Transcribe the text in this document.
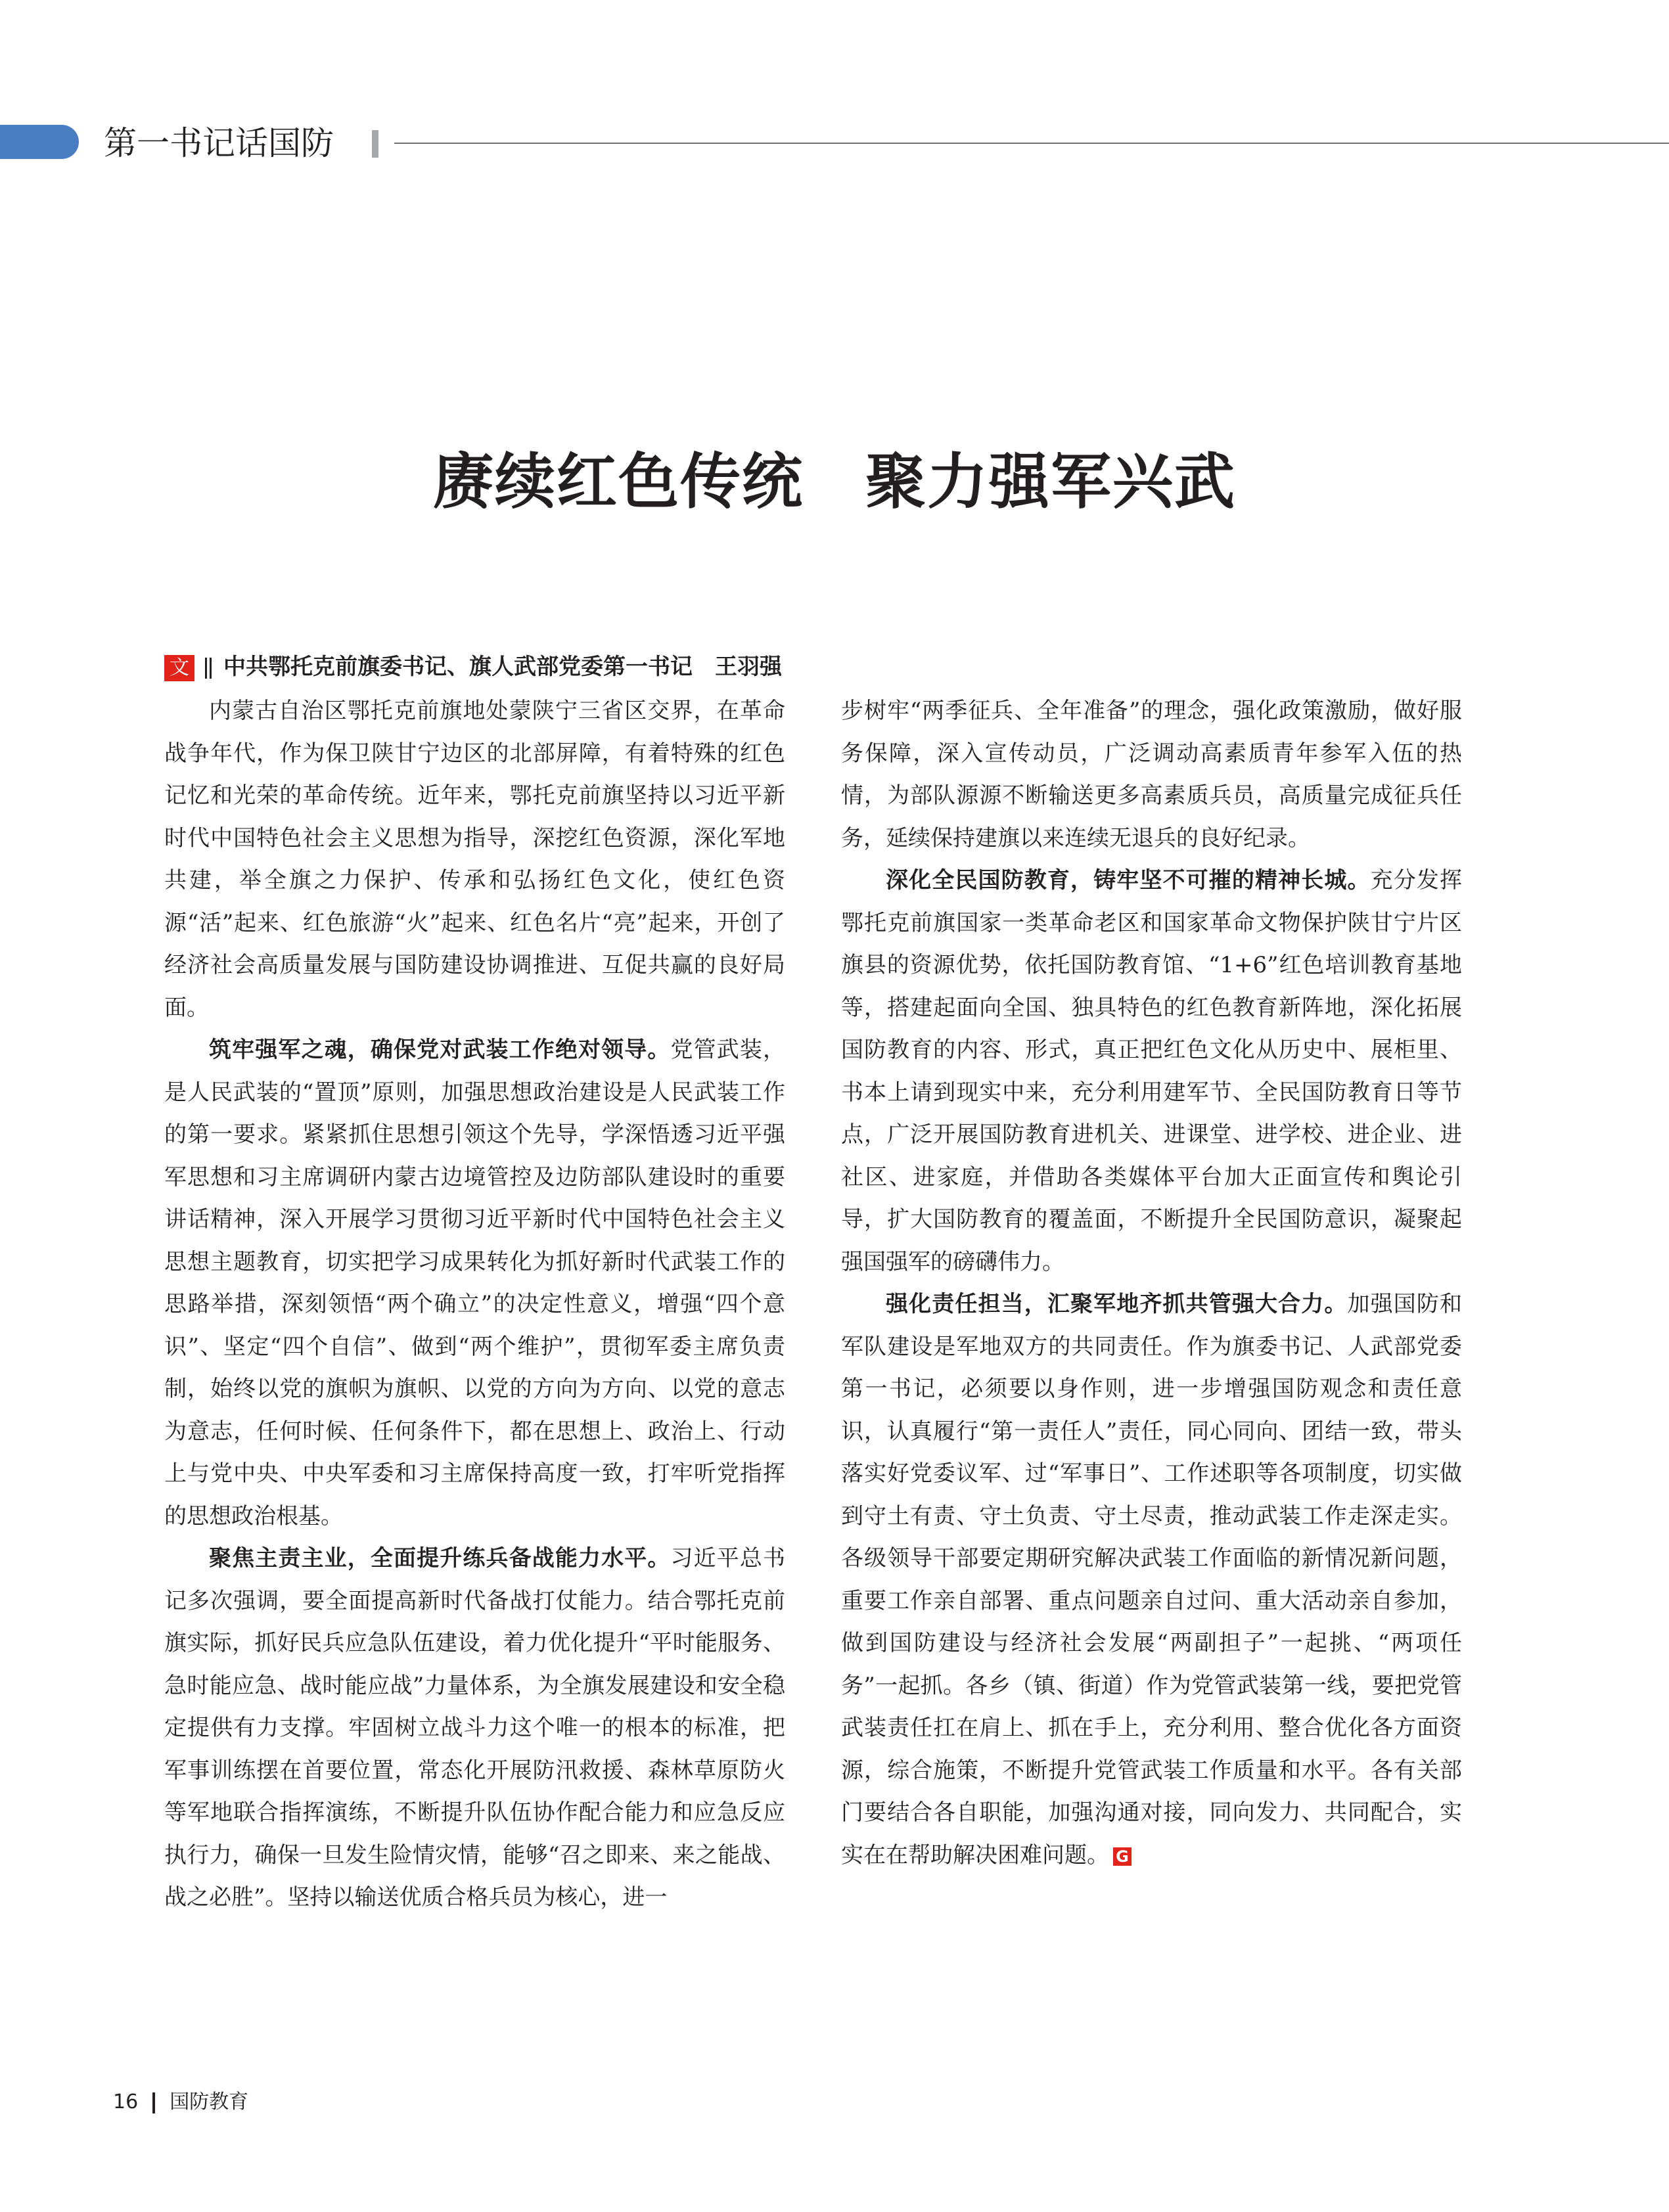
第一书记话国防
赓续红色传统　聚力强军兴武
文 中共鄂托克前旗委书记、旗人武部党委第一书记　王羽强

内蒙古自治区鄂托克前旗地处蒙陕宁三省区交界，在革命战争年代，作为保卫陕甘宁边区的北部屏障，有着特殊的红色记忆和光荣的革命传统。近年来，鄂托克前旗坚持以习近平新时代中国特色社会主义思想为指导，深挖红色资源，深化军地共建，举全旗之力保护、传承和弘扬红色文化，使红色资源“活”起来、红色旅游“火”起来、红色名片“亮”起来，开创了经济社会高质量发展与国防建设协调推进、互促共赢的良好局面。

筑牢强军之魂，确保党对武装工作绝对领导。党管武装，是人民武装的“置顶”原则，加强思想政治建设是人民武装工作的第一要求。紧紧抓住思想引领这个先导，学深悟透习近平强军思想和习主席调研内蒙古边境管控及边防部队建设时的重要讲话精神，深入开展学习贯彻习近平新时代中国特色社会主义思想主题教育，切实把学习成果转化为抓好新时代武装工作的思路举措，深刻领悟“两个确立”的决定性意义，增强“四个意识”、坚定“四个自信”、做到“两个维护”，贯彻军委主席负责制，始终以党的旗帜为旗帜、以党的方向为方向、以党的意志为意志，任何时候、任何条件下，都在思想上、政治上、行动上与党中央、中央军委和习主席保持高度一致，打牢听党指挥的思想政治根基。

聚焦主责主业，全面提升练兵备战能力水平。习近平总书记多次强调，要全面提高新时代备战打仗能力。结合鄂托克前旗实际，抓好民兵应急队伍建设，着力优化提升“平时能服务、急时能应急、战时能应战”力量体系，为全旗发展建设和安全稳定提供有力支撑。牢固树立战斗力这个唯一的根本的标准，把军事训练摆在首要位置，常态化开展防汛救援、森林草原防火等军地联合指挥演练，不断提升队伍协作配合能力和应急反应执行力，确保一旦发生险情灾情，能够“召之即来、来之能战、战之必胜”。坚持以输送优质合格兵员为核心，进一

步树牢“两季征兵、全年准备”的理念，强化政策激励，做好服务保障，深入宣传动员，广泛调动高素质青年参军入伍的热情，为部队源源不断输送更多高素质兵员，高质量完成征兵任务，延续保持建旗以来连续无退兵的良好纪录。

深化全民国防教育，铸牢坚不可摧的精神长城。充分发挥鄂托克前旗国家一类革命老区和国家革命文物保护陕甘宁片区旗县的资源优势，依托国防教育馆、“1+6”红色培训教育基地等，搭建起面向全国、独具特色的红色教育新阵地，深化拓展国防教育的内容、形式，真正把红色文化从历史中、展柜里、书本上请到现实中来，充分利用建军节、全民国防教育日等节点，广泛开展国防教育进机关、进课堂、进学校、进企业、进社区、进家庭，并借助各类媒体平台加大正面宣传和舆论引导，扩大国防教育的覆盖面，不断提升全民国防意识，凝聚起强国强军的磅礴伟力。

强化责任担当，汇聚军地齐抓共管强大合力。加强国防和军队建设是军地双方的共同责任。作为旗委书记、人武部党委第一书记，必须要以身作则，进一步增强国防观念和责任意识，认真履行“第一责任人”责任，同心同向、团结一致，带头落实好党委议军、过“军事日”、工作述职等各项制度，切实做到守土有责、守土负责、守土尽责，推动武装工作走深走实。各级领导干部要定期研究解决武装工作面临的新情况新问题，重要工作亲自部署、重点问题亲自过问、重大活动亲自参加，做到国防建设与经济社会发展“两副担子”一起挑、“两项任务”一起抓。各乡（镇、街道）作为党管武装第一线，要把党管武装责任扛在肩上、抓在手上，充分利用、整合优化各方面资源，综合施策，不断提升党管武装工作质量和水平。各有关部门要结合各自职能，加强沟通对接，同向发力、共同配合，实实在在帮助解决困难问题。 G

16 国防教育
